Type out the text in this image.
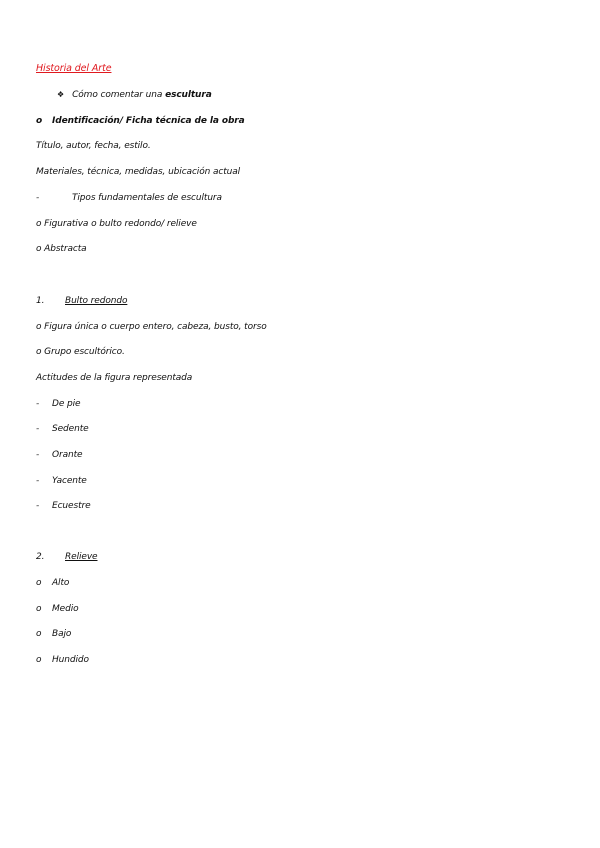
Historia del Arte
❖ Cómo comentar una escultura
o Identificación/ Ficha técnica de la obra
Título, autor, fecha, estilo.
Materiales, técnica, medidas, ubicación actual
-	Tipos fundamentales de escultura
o Figurativa o bulto redondo/ relieve
o Abstracta
1. Bulto redondo
o Figura única o cuerpo entero, cabeza, busto, torso
o Grupo escultórico.
Actitudes de la figura representada
- De pie
- Sedente
- Orante
- Yacente
- Ecuestre
2. Relieve
o Alto
o Medio
o Bajo
o Hundido
